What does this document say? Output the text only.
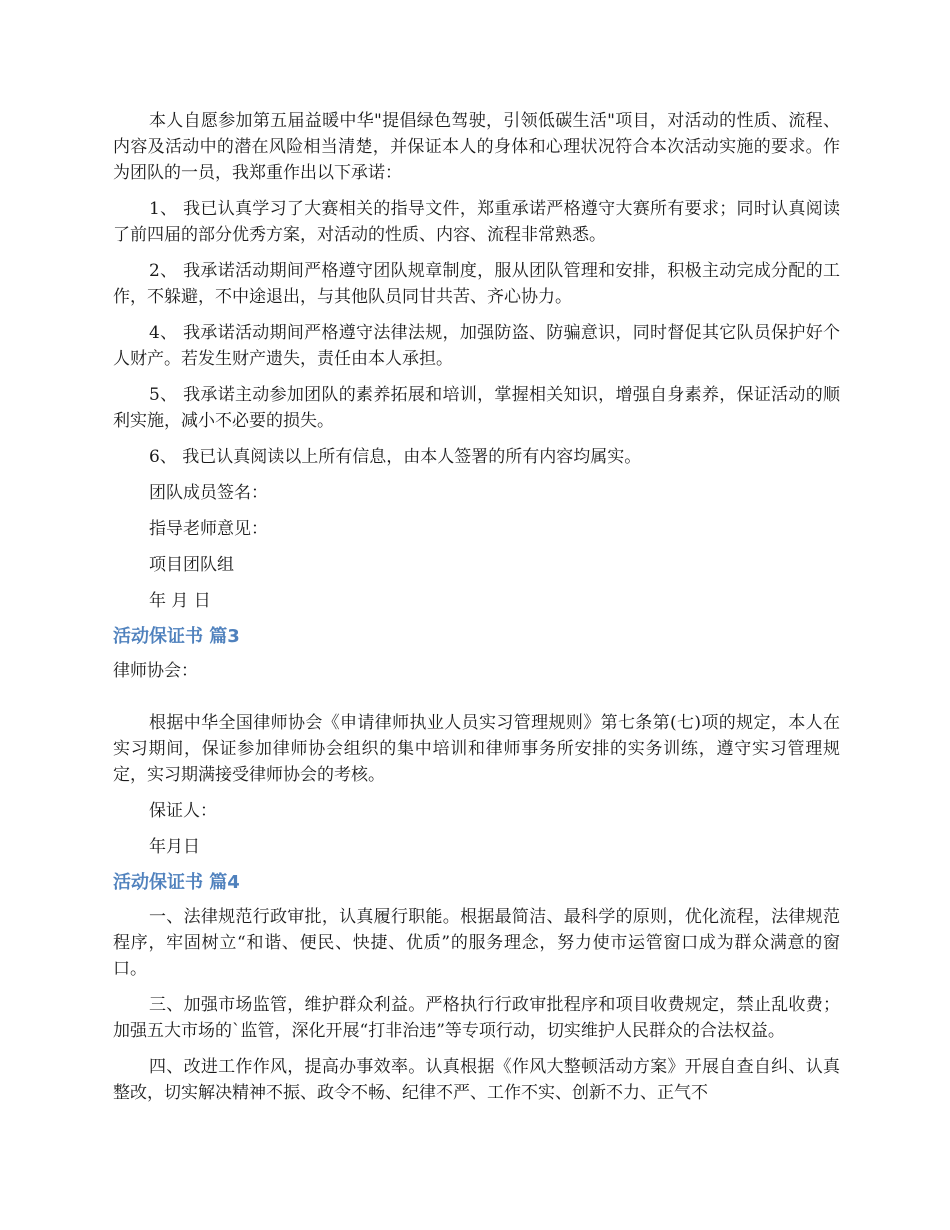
本人自愿参加第五届益暖中华"提倡绿色驾驶，引领低碳生活"项目，对活动的性质、流程、内容及活动中的潜在风险相当清楚，并保证本人的身体和心理状况符合本次活动实施的要求。作为团队的一员，我郑重作出以下承诺：

1、 我已认真学习了大赛相关的指导文件，郑重承诺严格遵守大赛所有要求；同时认真阅读了前四届的部分优秀方案，对活动的性质、内容、流程非常熟悉。

2、 我承诺活动期间严格遵守团队规章制度，服从团队管理和安排，积极主动完成分配的工作，不躲避，不中途退出，与其他队员同甘共苦、齐心协力。

4、 我承诺活动期间严格遵守法律法规，加强防盗、防骗意识，同时督促其它队员保护好个人财产。若发生财产遗失，责任由本人承担。

5、 我承诺主动参加团队的素养拓展和培训，掌握相关知识，增强自身素养，保证活动的顺利实施，减小不必要的损失。

6、 我已认真阅读以上所有信息，由本人签署的所有内容均属实。

团队成员签名：

指导老师意见：

项目团队组

年 月 日

活动保证书 篇3

律师协会：

根据中华全国律师协会《申请律师执业人员实习管理规则》第七条第(七)项的规定，本人在实习期间，保证参加律师协会组织的集中培训和律师事务所安排的实务训练，遵守实习管理规定，实习期满接受律师协会的考核。

保证人：

年月日

活动保证书 篇4

一、法律规范行政审批，认真履行职能。根据最简洁、最科学的原则，优化流程，法律规范程序，牢固树立“和谐、便民、快捷、优质”的服务理念，努力使市运管窗口成为群众满意的窗口。

三、加强市场监管，维护群众利益。严格执行行政审批程序和项目收费规定，禁止乱收费；加强五大市场的`监管，深化开展“打非治违”等专项行动，切实维护人民群众的合法权益。

四、改进工作作风，提高办事效率。认真根据《作风大整顿活动方案》开展自查自纠、认真整改，切实解决精神不振、政令不畅、纪律不严、工作不实、创新不力、正气不
